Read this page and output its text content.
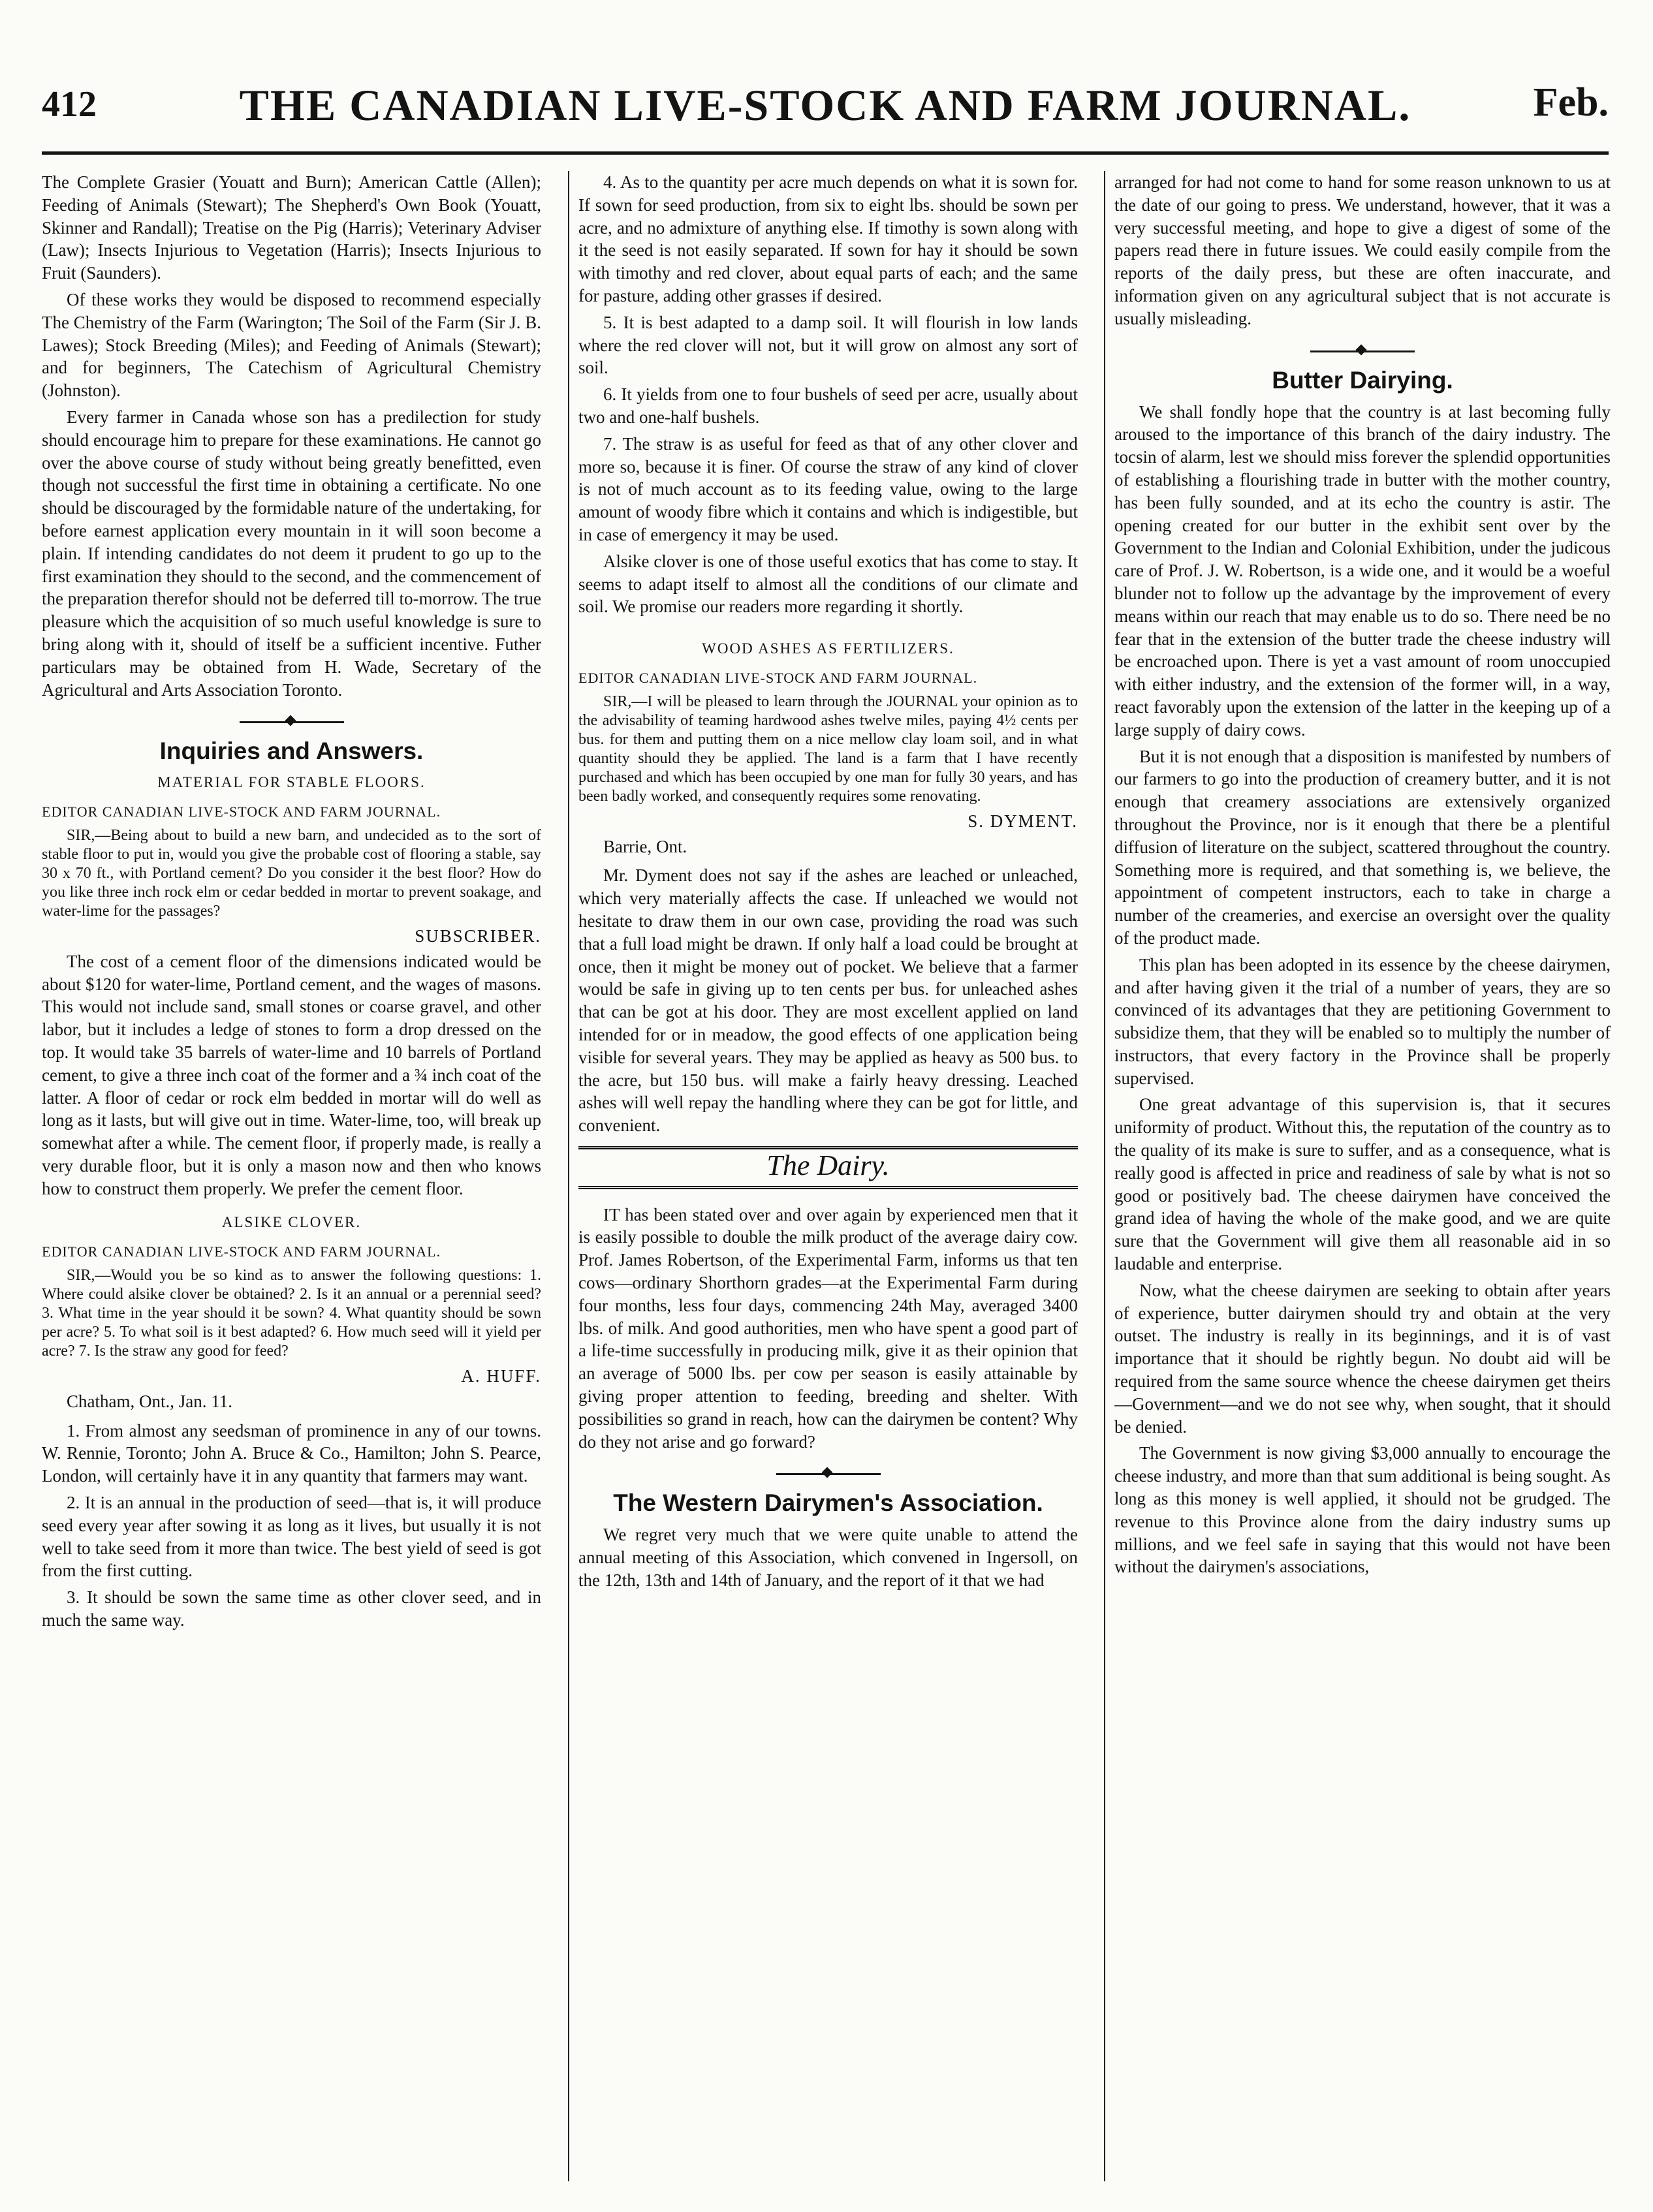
412	THE CANADIAN LIVE-STOCK AND FARM JOURNAL.	Feb.

The Complete Grasier (Youatt and Burn); American Cattle (Allen); Feeding of Animals (Stewart); The Shepherd's Own Book (Youatt, Skinner and Randall); Treatise on the Pig (Harris); Veterinary Adviser (Law); Insects Injurious to Vegetation (Harris); Insects Injurious to Fruit (Saunders).

Of these works they would be disposed to recommend especially The Chemistry of the Farm (Warington; The Soil of the Farm (Sir J. B. Lawes); Stock Breeding (Miles); and Feeding of Animals (Stewart); and for beginners, The Catechism of Agricultural Chemistry (Johnston).

Every farmer in Canada whose son has a predilection for study should encourage him to prepare for these examinations. He cannot go over the above course of study without being greatly benefitted, even though not successful the first time in obtaining a certificate. No one should be discouraged by the formidable nature of the undertaking, for before earnest application every mountain in it will soon become a plain. If intending candidates do not deem it prudent to go up to the first examination they should to the second, and the commencement of the preparation therefor should not be deferred till to-morrow. The true pleasure which the acquisition of so much useful knowledge is sure to bring along with it, should of itself be a sufficient incentive. Futher particulars may be obtained from H. Wade, Secretary of the Agricultural and Arts Association Toronto.

Inquiries and Answers.
MATERIAL FOR STABLE FLOORS.
EDITOR CANADIAN LIVE-STOCK AND FARM JOURNAL.

SIR,—Being about to build a new barn, and undecided as to the sort of stable floor to put in, would you give the probable cost of flooring a stable, say 30 x 70 ft., with Portland cement? Do you consider it the best floor? How do you like three inch rock elm or cedar bedded in mortar to prevent soakage, and water-lime for the passages?

SUBSCRIBER.

The cost of a cement floor of the dimensions indicated would be about $120 for water-lime, Portland cement, and the wages of masons. This would not include sand, small stones or coarse gravel, and other labor, but it includes a ledge of stones to form a drop dressed on the top. It would take 35 barrels of water-lime and 10 barrels of Portland cement, to give a three inch coat of the former and a ¾ inch coat of the latter. A floor of cedar or rock elm bedded in mortar will do well as long as it lasts, but will give out in time. Water-lime, too, will break up somewhat after a while. The cement floor, if properly made, is really a very durable floor, but it is only a mason now and then who knows how to construct them properly. We prefer the cement floor.

ALSIKE CLOVER.
EDITOR CANADIAN LIVE-STOCK AND FARM JOURNAL.

SIR,—Would you be so kind as to answer the following questions: 1. Where could alsike clover be obtained? 2. Is it an annual or a perennial seed? 3. What time in the year should it be sown? 4. What quantity should be sown per acre? 5. To what soil is it best adapted? 6. How much seed will it yield per acre? 7. Is the straw any good for feed?

A. HUFF.
Chatham, Ont., Jan. 11.

1. From almost any seedsman of prominence in any of our towns. W. Rennie, Toronto; John A. Bruce & Co., Hamilton; John S. Pearce, London, will certainly have it in any quantity that farmers may want.

2. It is an annual in the production of seed—that is, it will produce seed every year after sowing it as long as it lives, but usually it is not well to take seed from it more than twice. The best yield of seed is got from the first cutting.

3. It should be sown the same time as other clover seed, and in much the same way.

4. As to the quantity per acre much depends on what it is sown for. If sown for seed production, from six to eight lbs. should be sown per acre, and no admixture of anything else. If timothy is sown along with it the seed is not easily separated. If sown for hay it should be sown with timothy and red clover, about equal parts of each; and the same for pasture, adding other grasses if desired.

5. It is best adapted to a damp soil. It will flourish in low lands where the red clover will not, but it will grow on almost any sort of soil.

6. It yields from one to four bushels of seed per acre, usually about two and one-half bushels.

7. The straw is as useful for feed as that of any other clover and more so, because it is finer. Of course the straw of any kind of clover is not of much account as to its feeding value, owing to the large amount of woody fibre which it contains and which is indigestible, but in case of emergency it may be used.

Alsike clover is one of those useful exotics that has come to stay. It seems to adapt itself to almost all the conditions of our climate and soil. We promise our readers more regarding it shortly.

WOOD ASHES AS FERTILIZERS.
EDITOR CANADIAN LIVE-STOCK AND FARM JOURNAL.

SIR,—I will be pleased to learn through the JOURNAL your opinion as to the advisability of teaming hardwood ashes twelve miles, paying 4½ cents per bus. for them and putting them on a nice mellow clay loam soil, and in what quantity should they be applied. The land is a farm that I have recently purchased and which has been occupied by one man for fully 30 years, and has been badly worked, and consequently requires some renovating.

S. DYMENT.
Barrie, Ont.

Mr. Dyment does not say if the ashes are leached or unleached, which very materially affects the case. If unleached we would not hesitate to draw them in our own case, providing the road was such that a full load might be drawn. If only half a load could be brought at once, then it might be money out of pocket. We believe that a farmer would be safe in giving up to ten cents per bus. for unleached ashes that can be got at his door. They are most excellent applied on land intended for or in meadow, the good effects of one application being visible for several years. They may be applied as heavy as 500 bus. to the acre, but 150 bus. will make a fairly heavy dressing. Leached ashes will well repay the handling where they can be got for little, and convenient.

The Dairy.

IT has been stated over and over again by experienced men that it is easily possible to double the milk product of the average dairy cow. Prof. James Robertson, of the Experimental Farm, informs us that ten cows—ordinary Shorthorn grades—at the Experimental Farm during four months, less four days, commencing 24th May, averaged 3400 lbs. of milk. And good authorities, men who have spent a good part of a life-time successfully in producing milk, give it as their opinion that an average of 5000 lbs. per cow per season is easily attainable by giving proper attention to feeding, breeding and shelter. With possibilities so grand in reach, how can the dairymen be content? Why do they not arise and go forward?

The Western Dairymen's Association.

We regret very much that we were quite unable to attend the annual meeting of this Association, which convened in Ingersoll, on the 12th, 13th and 14th of January, and the report of it that we had

arranged for had not come to hand for some reason unknown to us at the date of our going to press. We understand, however, that it was a very successful meeting, and hope to give a digest of some of the papers read there in future issues. We could easily compile from the reports of the daily press, but these are often inaccurate, and information given on any agricultural subject that is not accurate is usually misleading.

Butter Dairying.

We shall fondly hope that the country is at last becoming fully aroused to the importance of this branch of the dairy industry. The tocsin of alarm, lest we should miss forever the splendid opportunities of establishing a flourishing trade in butter with the mother country, has been fully sounded, and at its echo the country is astir. The opening created for our butter in the exhibit sent over by the Government to the Indian and Colonial Exhibition, under the judicous care of Prof. J. W. Robertson, is a wide one, and it would be a woeful blunder not to follow up the advantage by the improvement of every means within our reach that may enable us to do so. There need be no fear that in the extension of the butter trade the cheese industry will be encroached upon. There is yet a vast amount of room unoccupied with either industry, and the extension of the former will, in a way, react favorably upon the extension of the latter in the keeping up of a large supply of dairy cows.

But it is not enough that a disposition is manifested by numbers of our farmers to go into the production of creamery butter, and it is not enough that creamery associations are extensively organized throughout the Province, nor is it enough that there be a plentiful diffusion of literature on the subject, scattered throughout the country. Something more is required, and that something is, we believe, the appointment of competent instructors, each to take in charge a number of the creameries, and exercise an oversight over the quality of the product made.

This plan has been adopted in its essence by the cheese dairymen, and after having given it the trial of a number of years, they are so convinced of its advantages that they are petitioning Government to subsidize them, that they will be enabled so to multiply the number of instructors, that every factory in the Province shall be properly supervised.

One great advantage of this supervision is, that it secures uniformity of product. Without this, the reputation of the country as to the quality of its make is sure to suffer, and as a consequence, what is really good is affected in price and readiness of sale by what is not so good or positively bad. The cheese dairymen have conceived the grand idea of having the whole of the make good, and we are quite sure that the Government will give them all reasonable aid in so laudable and enterprise.

Now, what the cheese dairymen are seeking to obtain after years of experience, butter dairymen should try and obtain at the very outset. The industry is really in its beginnings, and it is of vast importance that it should be rightly begun. No doubt aid will be required from the same source whence the cheese dairymen get theirs—Government—and we do not see why, when sought, that it should be denied.

The Government is now giving $3,000 annually to encourage the cheese industry, and more than that sum additional is being sought. As long as this money is well applied, it should not be grudged. The revenue to this Province alone from the dairy industry sums up millions, and we feel safe in saying that this would not have been without the dairymen's associations,
